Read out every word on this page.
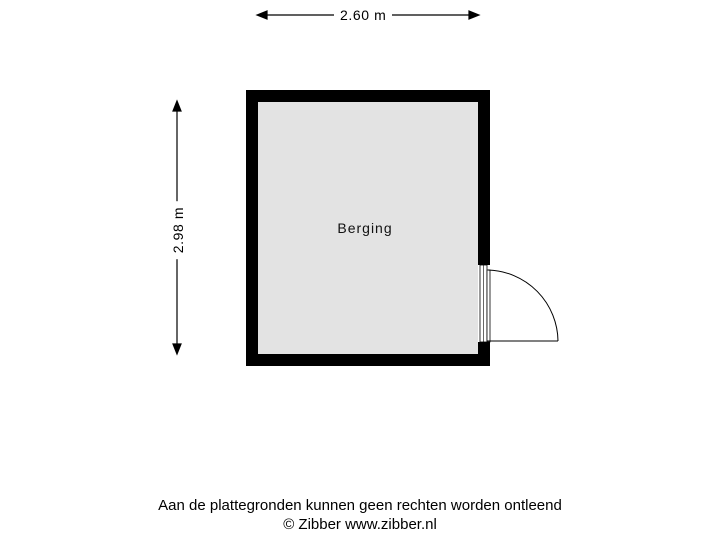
2.60 m
2.98 m	Berging
Aan de plattegronden kunnen geen rechten worden ontleend
© Zibber www.zibber.nl
